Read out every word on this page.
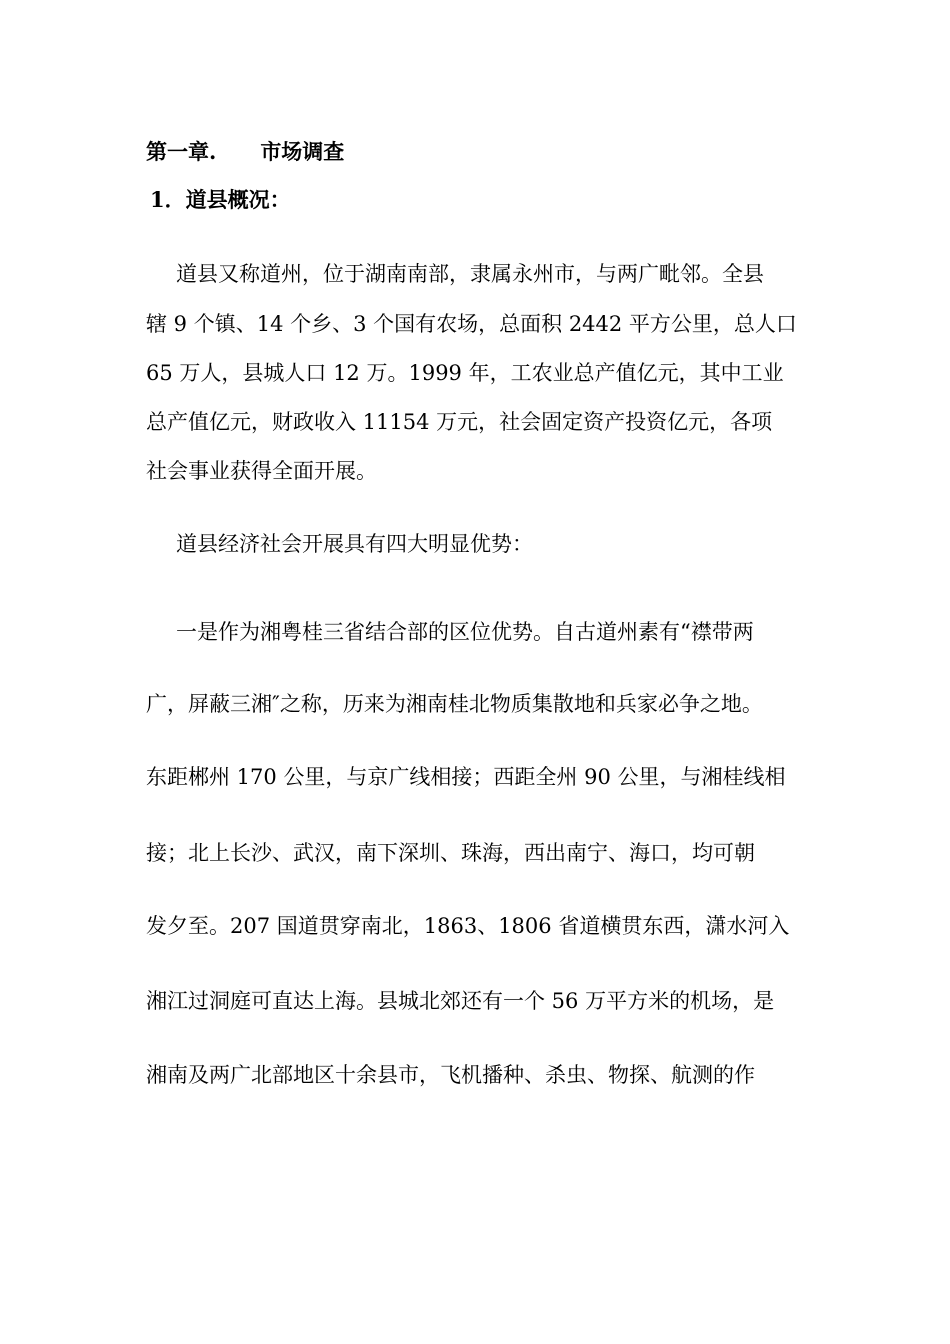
第一章. 市场调查
1．道县概况：

道县又称道州，位于湖南南部，隶属永州市，与两广毗邻。全县

辖 9 个镇、14 个乡、3 个国有农场，总面积 2442 平方公里，总人口

65 万人，县城人口 12 万。1999 年，工农业总产值亿元，其中工业

总产值亿元，财政收入 11154 万元，社会固定资产投资亿元，各项

社会事业获得全面开展。

道县经济社会开展具有四大明显优势：

一是作为湘粤桂三省结合部的区位优势。自古道州素有“襟带两

广，屏蔽三湘″之称，历来为湘南桂北物质集散地和兵家必争之地。

东距郴州 170 公里，与京广线相接；西距全州 90 公里，与湘桂线相

接；北上长沙、武汉，南下深圳、珠海，西出南宁、海口，均可朝

发夕至。207 国道贯穿南北，1863、1806 省道横贯东西，潇水河入

湘江过洞庭可直达上海。县城北郊还有一个 56 万平方米的机场，是

湘南及两广北部地区十余县市，飞机播种、杀虫、物探、航测的作
